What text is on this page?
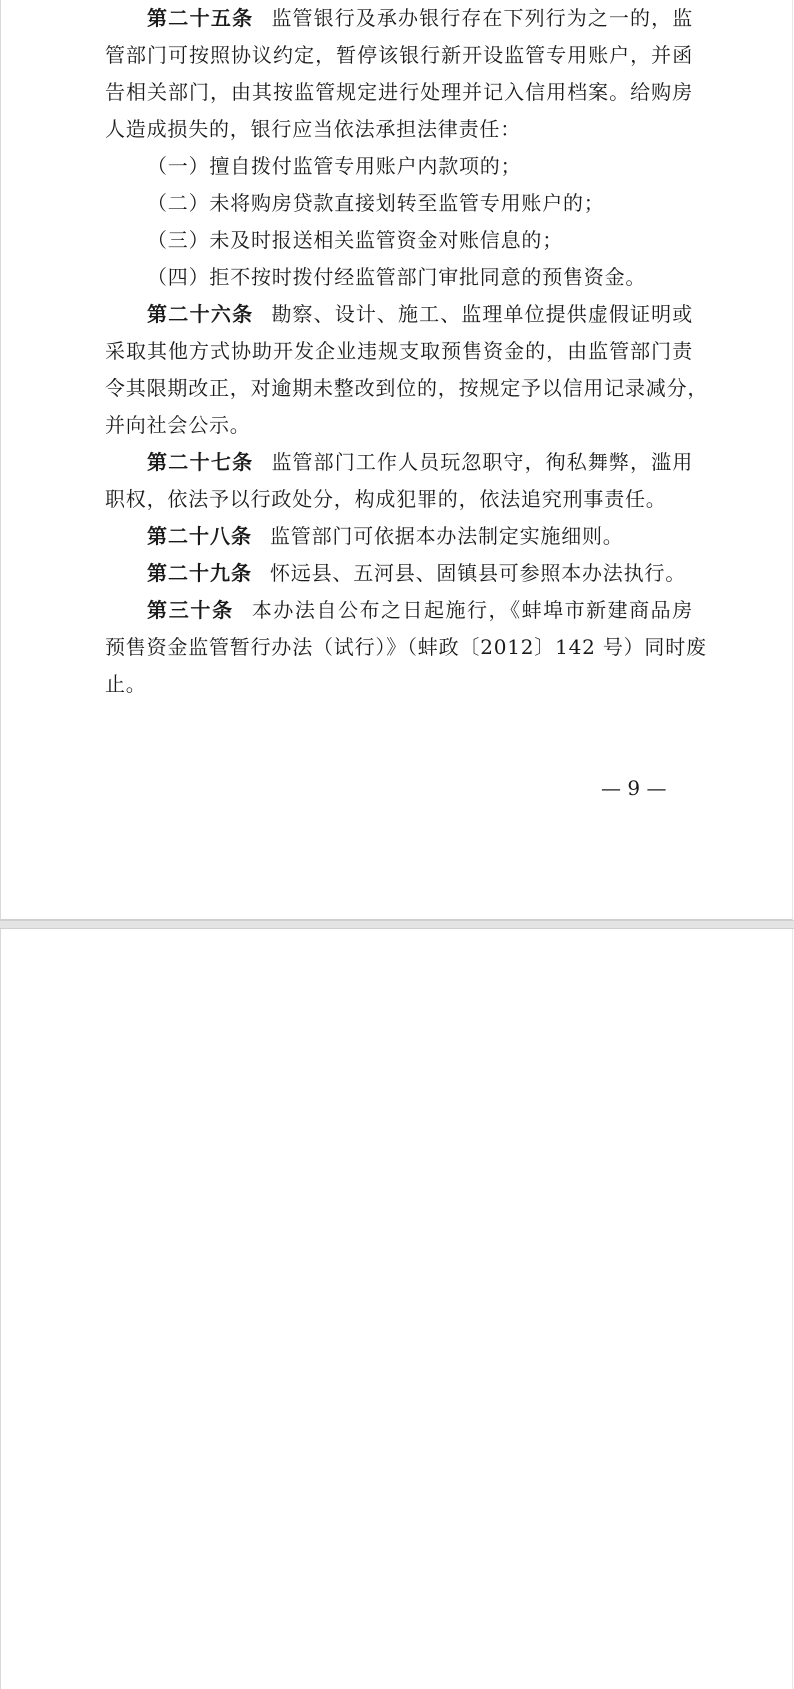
第二十五条 监管银行及承办银行存在下列行为之一的，监
管部门可按照协议约定，暂停该银行新开设监管专用账户，并函
告相关部门，由其按监管规定进行处理并记入信用档案。给购房
人造成损失的，银行应当依法承担法律责任：
（一）擅自拨付监管专用账户内款项的；
（二）未将购房贷款直接划转至监管专用账户的；
（三）未及时报送相关监管资金对账信息的；
（四）拒不按时拨付经监管部门审批同意的预售资金。
第二十六条 勘察、设计、施工、监理单位提供虚假证明或
采取其他方式协助开发企业违规支取预售资金的，由监管部门责
令其限期改正，对逾期未整改到位的，按规定予以信用记录减分，
并向社会公示。
第二十七条 监管部门工作人员玩忽职守，徇私舞弊，滥用
职权，依法予以行政处分，构成犯罪的，依法追究刑事责任。
第二十八条 监管部门可依据本办法制定实施细则。
第二十九条 怀远县、五河县、固镇县可参照本办法执行。
第三十条 本办法自公布之日起施行，《蚌埠市新建商品房
预售资金监管暂行办法（试行）》（蚌政〔2012〕142 号）同时废
止。
— 9 —
